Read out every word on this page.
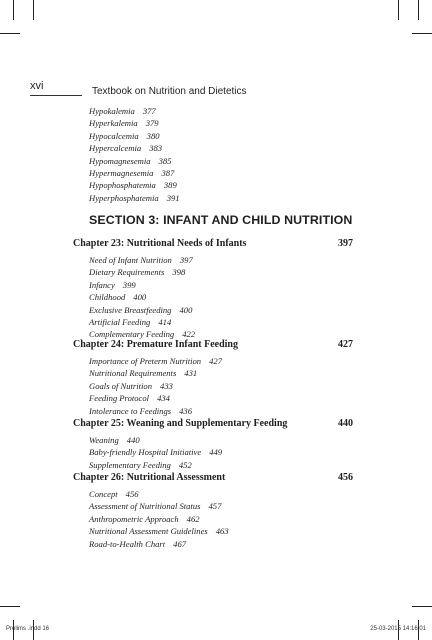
xvi	Textbook on Nutrition and Dietetics
Hypokalemia 377
Hyperkalemia 379
Hypocalcemia 380
Hypercalcemia 383
Hypomagnesemia 385
Hypermagnesemia 387
Hypophosphatemia 389
Hyperphosphatemia 391
SECTION 3: INFANT AND CHILD NUTRITION
Chapter 23: Nutritional Needs of Infants	397
Need of Infant Nutrition 397
Dietary Requirements 398
Infancy 399
Childhood 400
Exclusive Breastfeeding 400
Artificial Feeding 414
Complementary Feeding 422
Chapter 24: Premature Infant Feeding	427
Importance of Preterm Nutrition 427
Nutritional Requirements 431
Goals of Nutrition 433
Feeding Protocol 434
Intolerance to Feedings 436
Chapter 25: Weaning and Supplementary Feeding	440
Weaning 440
Baby-friendly Hospital Initiative 449
Supplementary Feeding 452
Chapter 26: Nutritional Assessment	456
Concept 456
Assessment of Nutritional Status 457
Anthropometric Approach 462
Nutritional Assessment Guidelines 463
Road-to-Health Chart 467
Prelims .indd 16	25-03-2015 14:16:01
